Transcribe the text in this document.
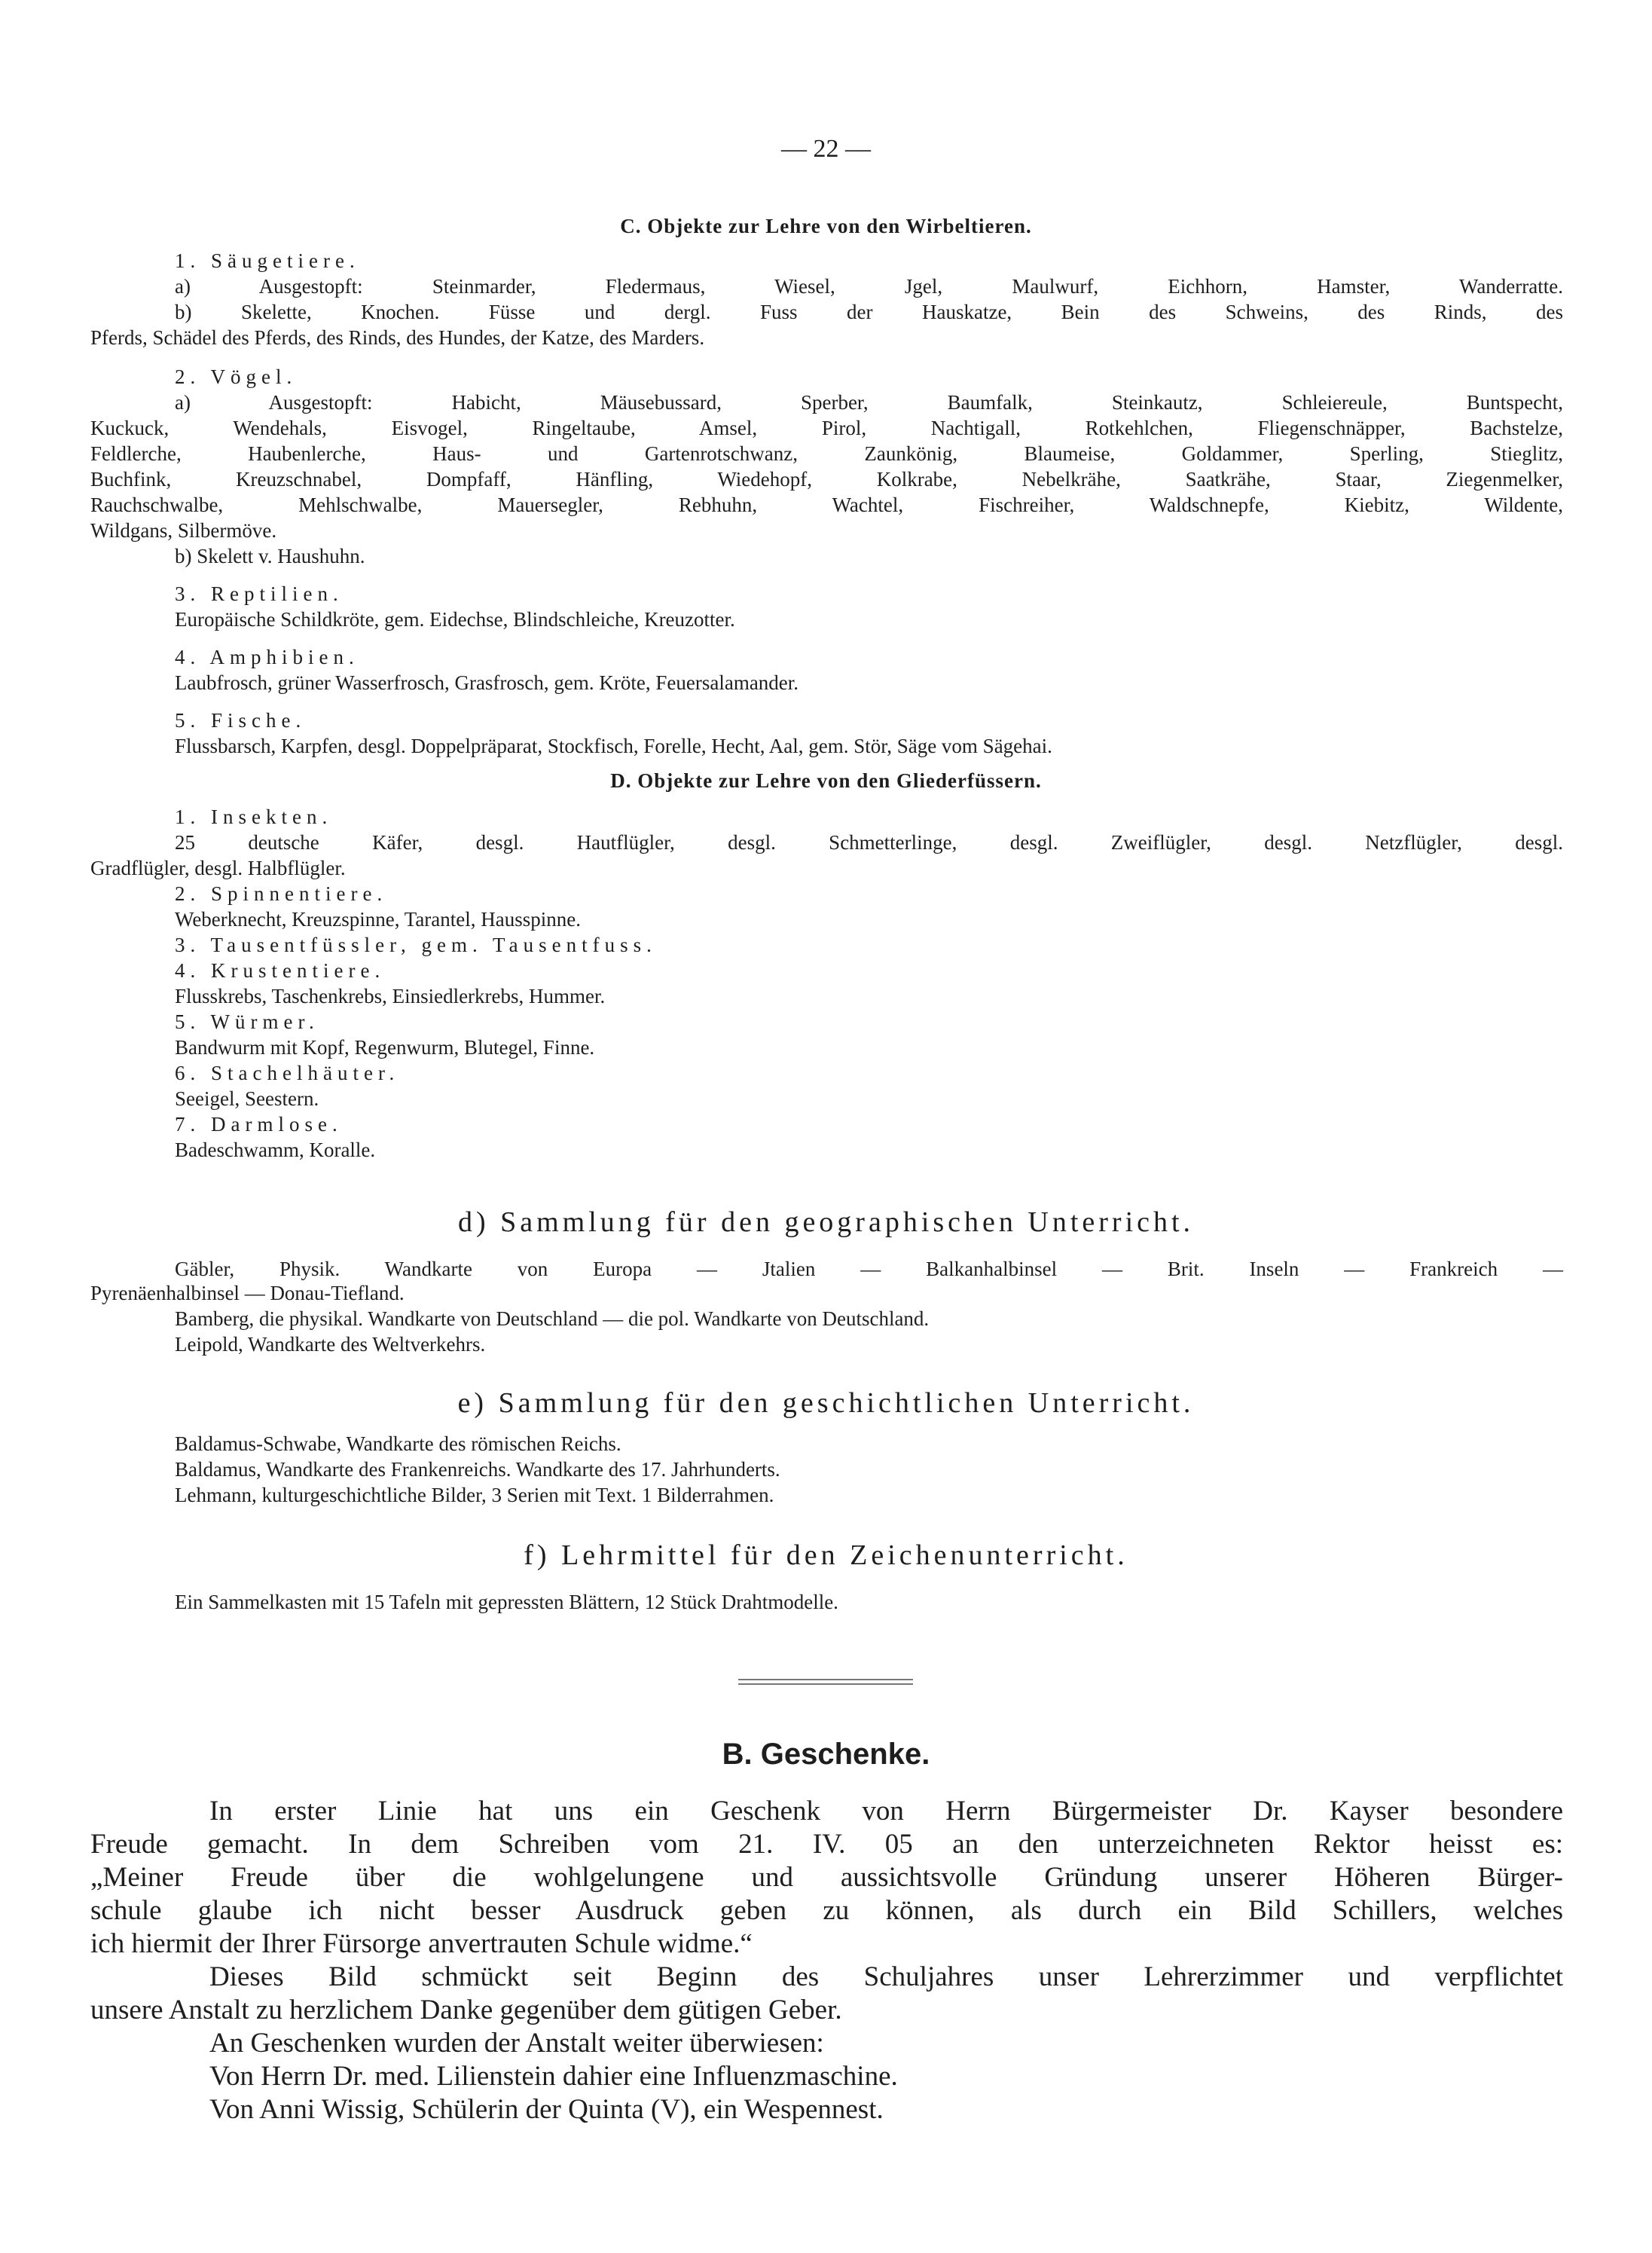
— 22 —

C. Objekte zur Lehre von den Wirbeltieren.

1. Säugetiere.

a) Ausgestopft: Steinmarder, Fledermaus, Wiesel, Jgel, Maulwurf, Eichhorn, Hamster, Wanderratte.

b) Skelette, Knochen. Füsse und dergl. Fuss der Hauskatze, Bein des Schweins, des Rinds, des

Pferds, Schädel des Pferds, des Rinds, des Hundes, der Katze, des Marders.

2. Vögel.

a) Ausgestopft: Habicht, Mäusebussard, Sperber, Baumfalk, Steinkautz, Schleiereule, Buntspecht,

Kuckuck, Wendehals, Eisvogel, Ringeltaube, Amsel, Pirol, Nachtigall, Rotkehlchen, Fliegenschnäpper, Bachstelze,

Feldlerche, Haubenlerche, Haus- und Gartenrotschwanz, Zaunkönig, Blaumeise, Goldammer, Sperling, Stieglitz,

Buchfink, Kreuzschnabel, Dompfaff, Hänfling, Wiedehopf, Kolkrabe, Nebelkrähe, Saatkrähe, Staar, Ziegenmelker,

Rauchschwalbe, Mehlschwalbe, Mauersegler, Rebhuhn, Wachtel, Fischreiher, Waldschnepfe, Kiebitz, Wildente,

Wildgans, Silbermöve.

b) Skelett v. Haushuhn.

3. Reptilien.

Europäische Schildkröte, gem. Eidechse, Blindschleiche, Kreuzotter.

4. Amphibien.

Laubfrosch, grüner Wasserfrosch, Grasfrosch, gem. Kröte, Feuersalamander.

5. Fische.

Flussbarsch, Karpfen, desgl. Doppelpräparat, Stockfisch, Forelle, Hecht, Aal, gem. Stör, Säge vom Sägehai.

D. Objekte zur Lehre von den Gliederfüssern.

1. Insekten.

25 deutsche Käfer, desgl. Hautflügler, desgl. Schmetterlinge, desgl. Zweiflügler, desgl. Netzflügler, desgl.

Gradflügler, desgl. Halbflügler.

2. Spinnentiere.

Weberknecht, Kreuzspinne, Tarantel, Hausspinne.

3. Tausentfüssler, gem. Tausentfuss.

4. Krustentiere.

Flusskrebs, Taschenkrebs, Einsiedlerkrebs, Hummer.

5. Würmer.

Bandwurm mit Kopf, Regenwurm, Blutegel, Finne.

6. Stachelhäuter.

Seeigel, Seestern.

7. Darmlose.

Badeschwamm, Koralle.

d) Sammlung für den geographischen Unterricht.

Gäbler, Physik. Wandkarte von Europa — Jtalien — Balkanhalbinsel — Brit. Inseln — Frankreich —

Pyrenäenhalbinsel — Donau-Tiefland.

Bamberg, die physikal. Wandkarte von Deutschland — die pol. Wandkarte von Deutschland.

Leipold, Wandkarte des Weltverkehrs.

e) Sammlung für den geschichtlichen Unterricht.

Baldamus-Schwabe, Wandkarte des römischen Reichs.

Baldamus, Wandkarte des Frankenreichs. Wandkarte des 17. Jahrhunderts.

Lehmann, kulturgeschichtliche Bilder, 3 Serien mit Text. 1 Bilderrahmen.

f) Lehrmittel für den Zeichenunterricht.

Ein Sammelkasten mit 15 Tafeln mit gepressten Blättern, 12 Stück Drahtmodelle.

B. Geschenke.

In erster Linie hat uns ein Geschenk von Herrn Bürgermeister Dr. Kayser besondere

Freude gemacht. In dem Schreiben vom 21. IV. 05 an den unterzeichneten Rektor heisst es:

„Meiner Freude über die wohlgelungene und aussichtsvolle Gründung unserer Höheren Bürger-

schule glaube ich nicht besser Ausdruck geben zu können, als durch ein Bild Schillers, welches

ich hiermit der Ihrer Fürsorge anvertrauten Schule widme.“

Dieses Bild schmückt seit Beginn des Schuljahres unser Lehrerzimmer und verpflichtet

unsere Anstalt zu herzlichem Danke gegenüber dem gütigen Geber.

An Geschenken wurden der Anstalt weiter überwiesen:

Von Herrn Dr. med. Lilienstein dahier eine Influenzmaschine.

Von Anni Wissig, Schülerin der Quinta (V), ein Wespennest.
